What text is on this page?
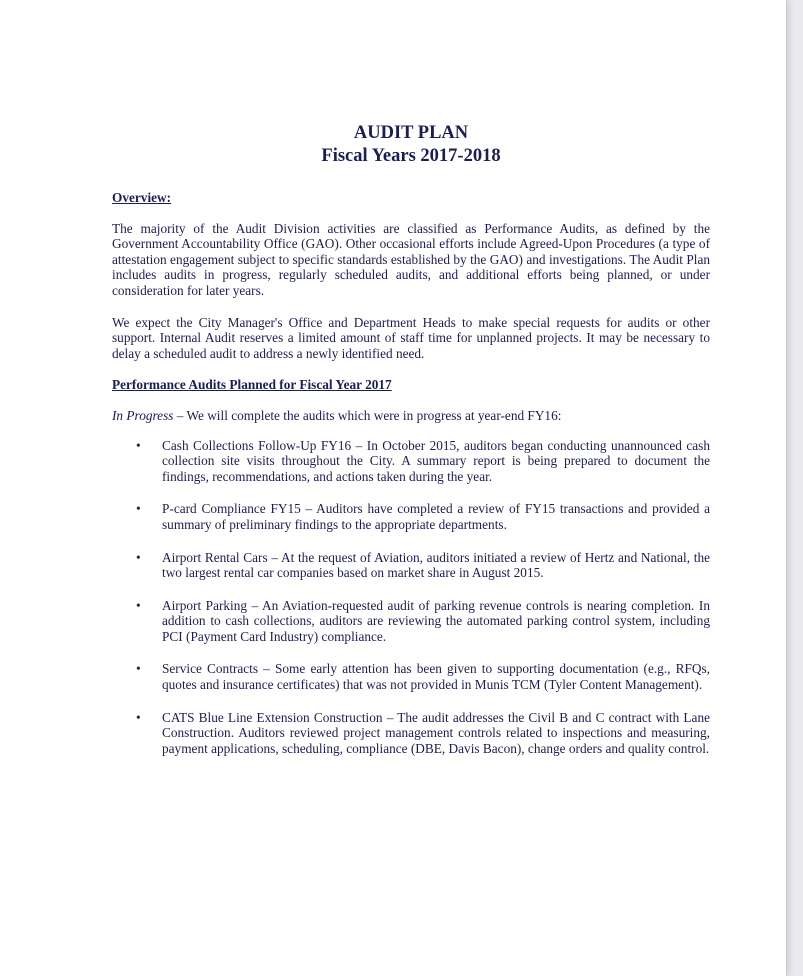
AUDIT PLAN
Fiscal Years 2017-2018
Overview:

The majority of the Audit Division activities are classified as Performance Audits, as defined by the Government Accountability Office (GAO). Other occasional efforts include Agreed-Upon Procedures (a type of attestation engagement subject to specific standards established by the GAO) and investigations. The Audit Plan includes audits in progress, regularly scheduled audits, and additional efforts being planned, or under consideration for later years.

We expect the City Manager's Office and Department Heads to make special requests for audits or other support. Internal Audit reserves a limited amount of staff time for unplanned projects. It may be necessary to delay a scheduled audit to address a newly identified need.

Performance Audits Planned for Fiscal Year 2017

In Progress – We will complete the audits which were in progress at year-end FY16:

• Cash Collections Follow-Up FY16 – In October 2015, auditors began conducting unannounced cash collection site visits throughout the City. A summary report is being prepared to document the findings, recommendations, and actions taken during the year.
• P-card Compliance FY15 – Auditors have completed a review of FY15 transactions and provided a summary of preliminary findings to the appropriate departments.
• Airport Rental Cars – At the request of Aviation, auditors initiated a review of Hertz and National, the two largest rental car companies based on market share in August 2015.
• Airport Parking – An Aviation-requested audit of parking revenue controls is nearing completion. In addition to cash collections, auditors are reviewing the automated parking control system, including PCI (Payment Card Industry) compliance.
• Service Contracts – Some early attention has been given to supporting documentation (e.g., RFQs, quotes and insurance certificates) that was not provided in Munis TCM (Tyler Content Management).
• CATS Blue Line Extension Construction – The audit addresses the Civil B and C contract with Lane Construction. Auditors reviewed project management controls related to inspections and measuring, payment applications, scheduling, compliance (DBE, Davis Bacon), change orders and quality control.
